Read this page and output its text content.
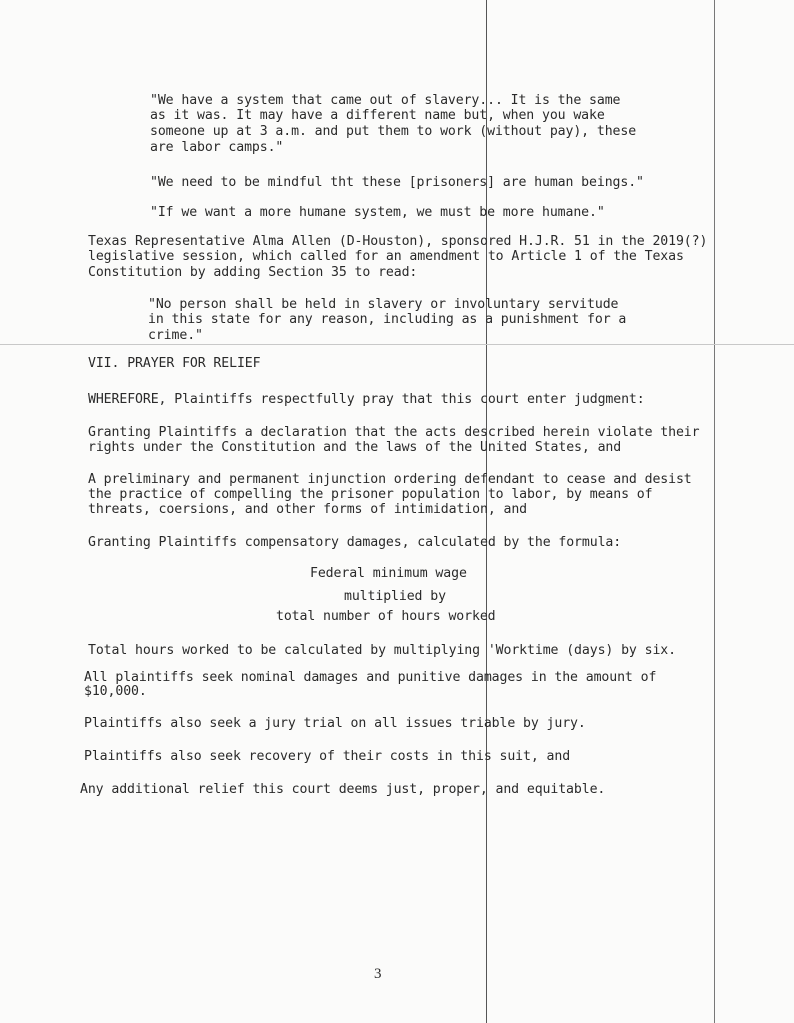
"We have a system that came out of slavery... It is the same
as it was. It may have a different name but, when you wake
someone up at 3 a.m. and put them to work (without pay), these
are labor camps."
"We need to be mindful tht these [prisoners] are human beings."
"If we want a more humane system, we must be more humane."
Texas Representative Alma Allen (D-Houston), sponsored H.J.R. 51 in the 2019(?)
legislative session, which called for an amendment to Article 1 of the Texas
Constitution by adding Section 35 to read:
"No person shall be held in slavery or involuntary servitude
in this state for any reason, including as a punishment for a
crime."
VII. PRAYER FOR RELIEF
WHEREFORE, Plaintiffs respectfully pray that this court enter judgment:
Granting Plaintiffs a declaration that the acts described herein violate their
rights under the Constitution and the laws of the United States, and
A preliminary and permanent injunction ordering defendant to cease and desist
the practice of compelling the prisoner population to labor, by means of
threats, coersions, and other forms of intimidation, and
Granting Plaintiffs compensatory damages, calculated by the formula:
Federal minimum wage
multiplied by
total number of hours worked
Total hours worked to be calculated by multiplying 'Worktime (days) by six.
All plaintiffs seek nominal damages and punitive damages in the amount of
$10,000.
Plaintiffs also seek a jury trial on all issues triable by jury.
Plaintiffs also seek recovery of their costs in this suit, and
Any additional relief this court deems just, proper, and equitable.
3
